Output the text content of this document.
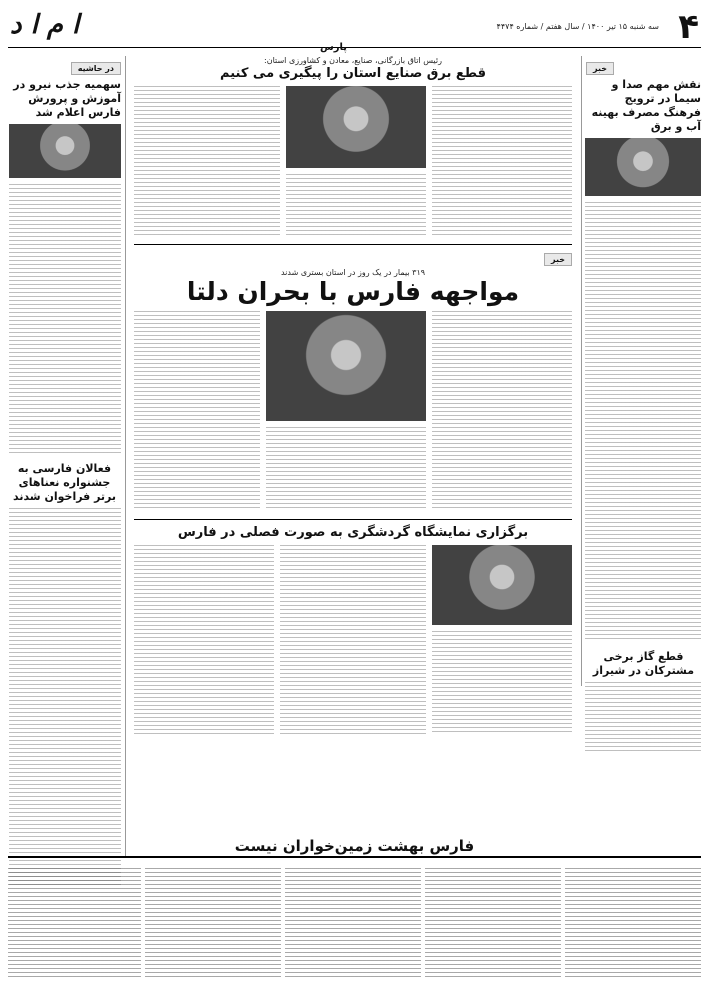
۴
سه شنبه ۱۵ تیر ۱۴۰۰ / سال هفتم / شماره ۴۴۷۴
ا م ا د
پارس
خبر
نقش مهم صدا و سیما در ترویج فرهنگ مصرف بهینه آب و برق
قطع گاز برخی مشترکان در شیراز
در حاشیه
سهمیه جذب نیرو در آموزش و پرورش فارس اعلام شد
فعالان فارسی به جشنواره نعناهای برتر فراخوان شدند
رئیس اتاق بازرگانی، صنایع، معادن و کشاورزی استان:
قطع برق صنایع استان را پیگیری می کنیم
خبر
۳۱۹ بیمار در یک روز در استان بستری شدند
مواجهه فارس با بحران دلتا
برگزاری نمایشگاه گردشگری به صورت فصلی در فارس
فارس بهشت زمین‌خواران نیست
